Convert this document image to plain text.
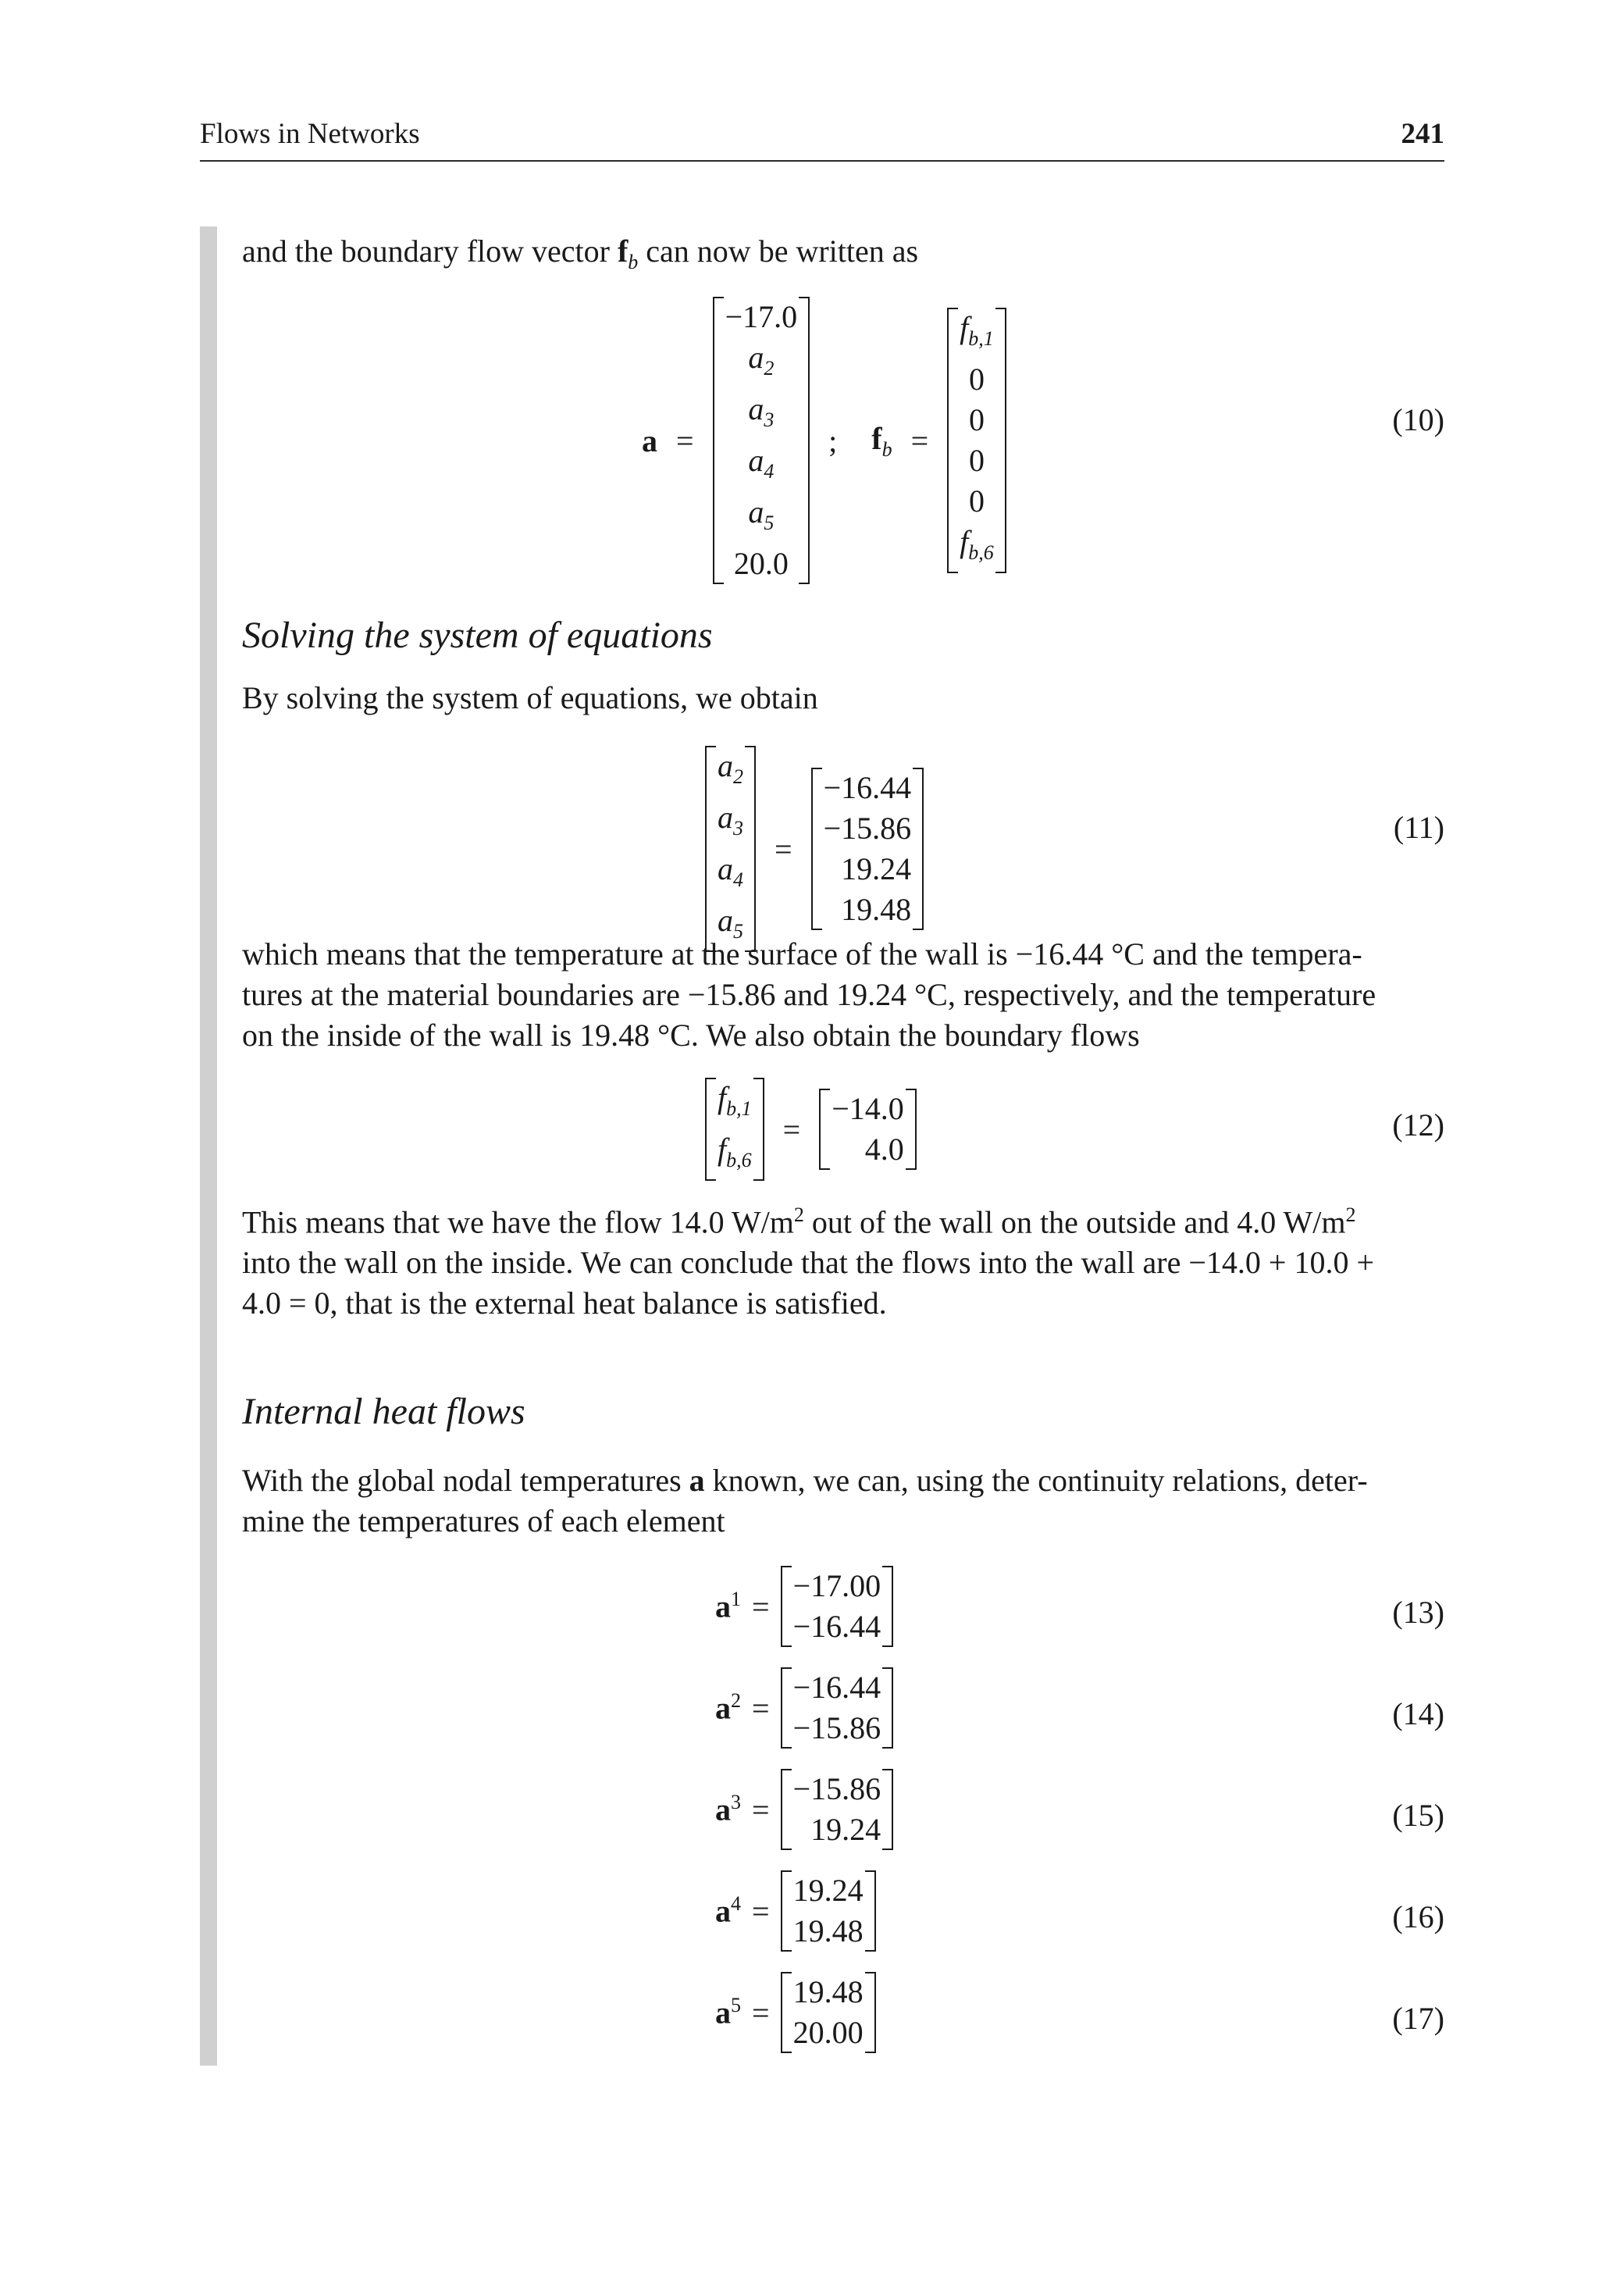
Flows in Networks	241

and the boundary flow vector $f_b$ can now be written as

a =
−17.0
$a_2$
$a_3$
$a_4$
$a_5$
20.0
; $f_b$ =
$f_{b,1}$
0
0
0
0
$f_{b,6}$
(10)
Solving the system of equations

By solving the system of equations, we obtain

$a_2$
$a_3$
$a_4$
$a_5$
=
−16.44
−15.86
19.24
19.48
(11)

which means that the temperature at the surface of the wall is −16.44 °C and the tempera-
tures at the material boundaries are −15.86 and 19.24 °C, respectively, and the temperature
on the inside of the wall is 19.48 °C. We also obtain the boundary flows

$f_{b,1}$
$f_{b,6}$
=
−14.0
4.0
(12)

This means that we have the flow 14.0 $W/m^2$ out of the wall on the outside and 4.0 $W/m^2$
into the wall on the inside. We can conclude that the flows into the wall are −14.0 + 10.0 +
4.0 = 0, that is the external heat balance is satisfied.

Internal heat flows

With the global nodal temperatures a known, we can, using the continuity relations, deter-
mine the temperatures of each element

$a^1$ =
−17.00
−16.44	(13)
$a^2$ =
−16.44
−15.86	(14)
$a^3$ =
−15.86
19.24	(15)
$a^4$ =
19.24
19.48	(16)
$a^5$ =
19.48
20.00	(17)
